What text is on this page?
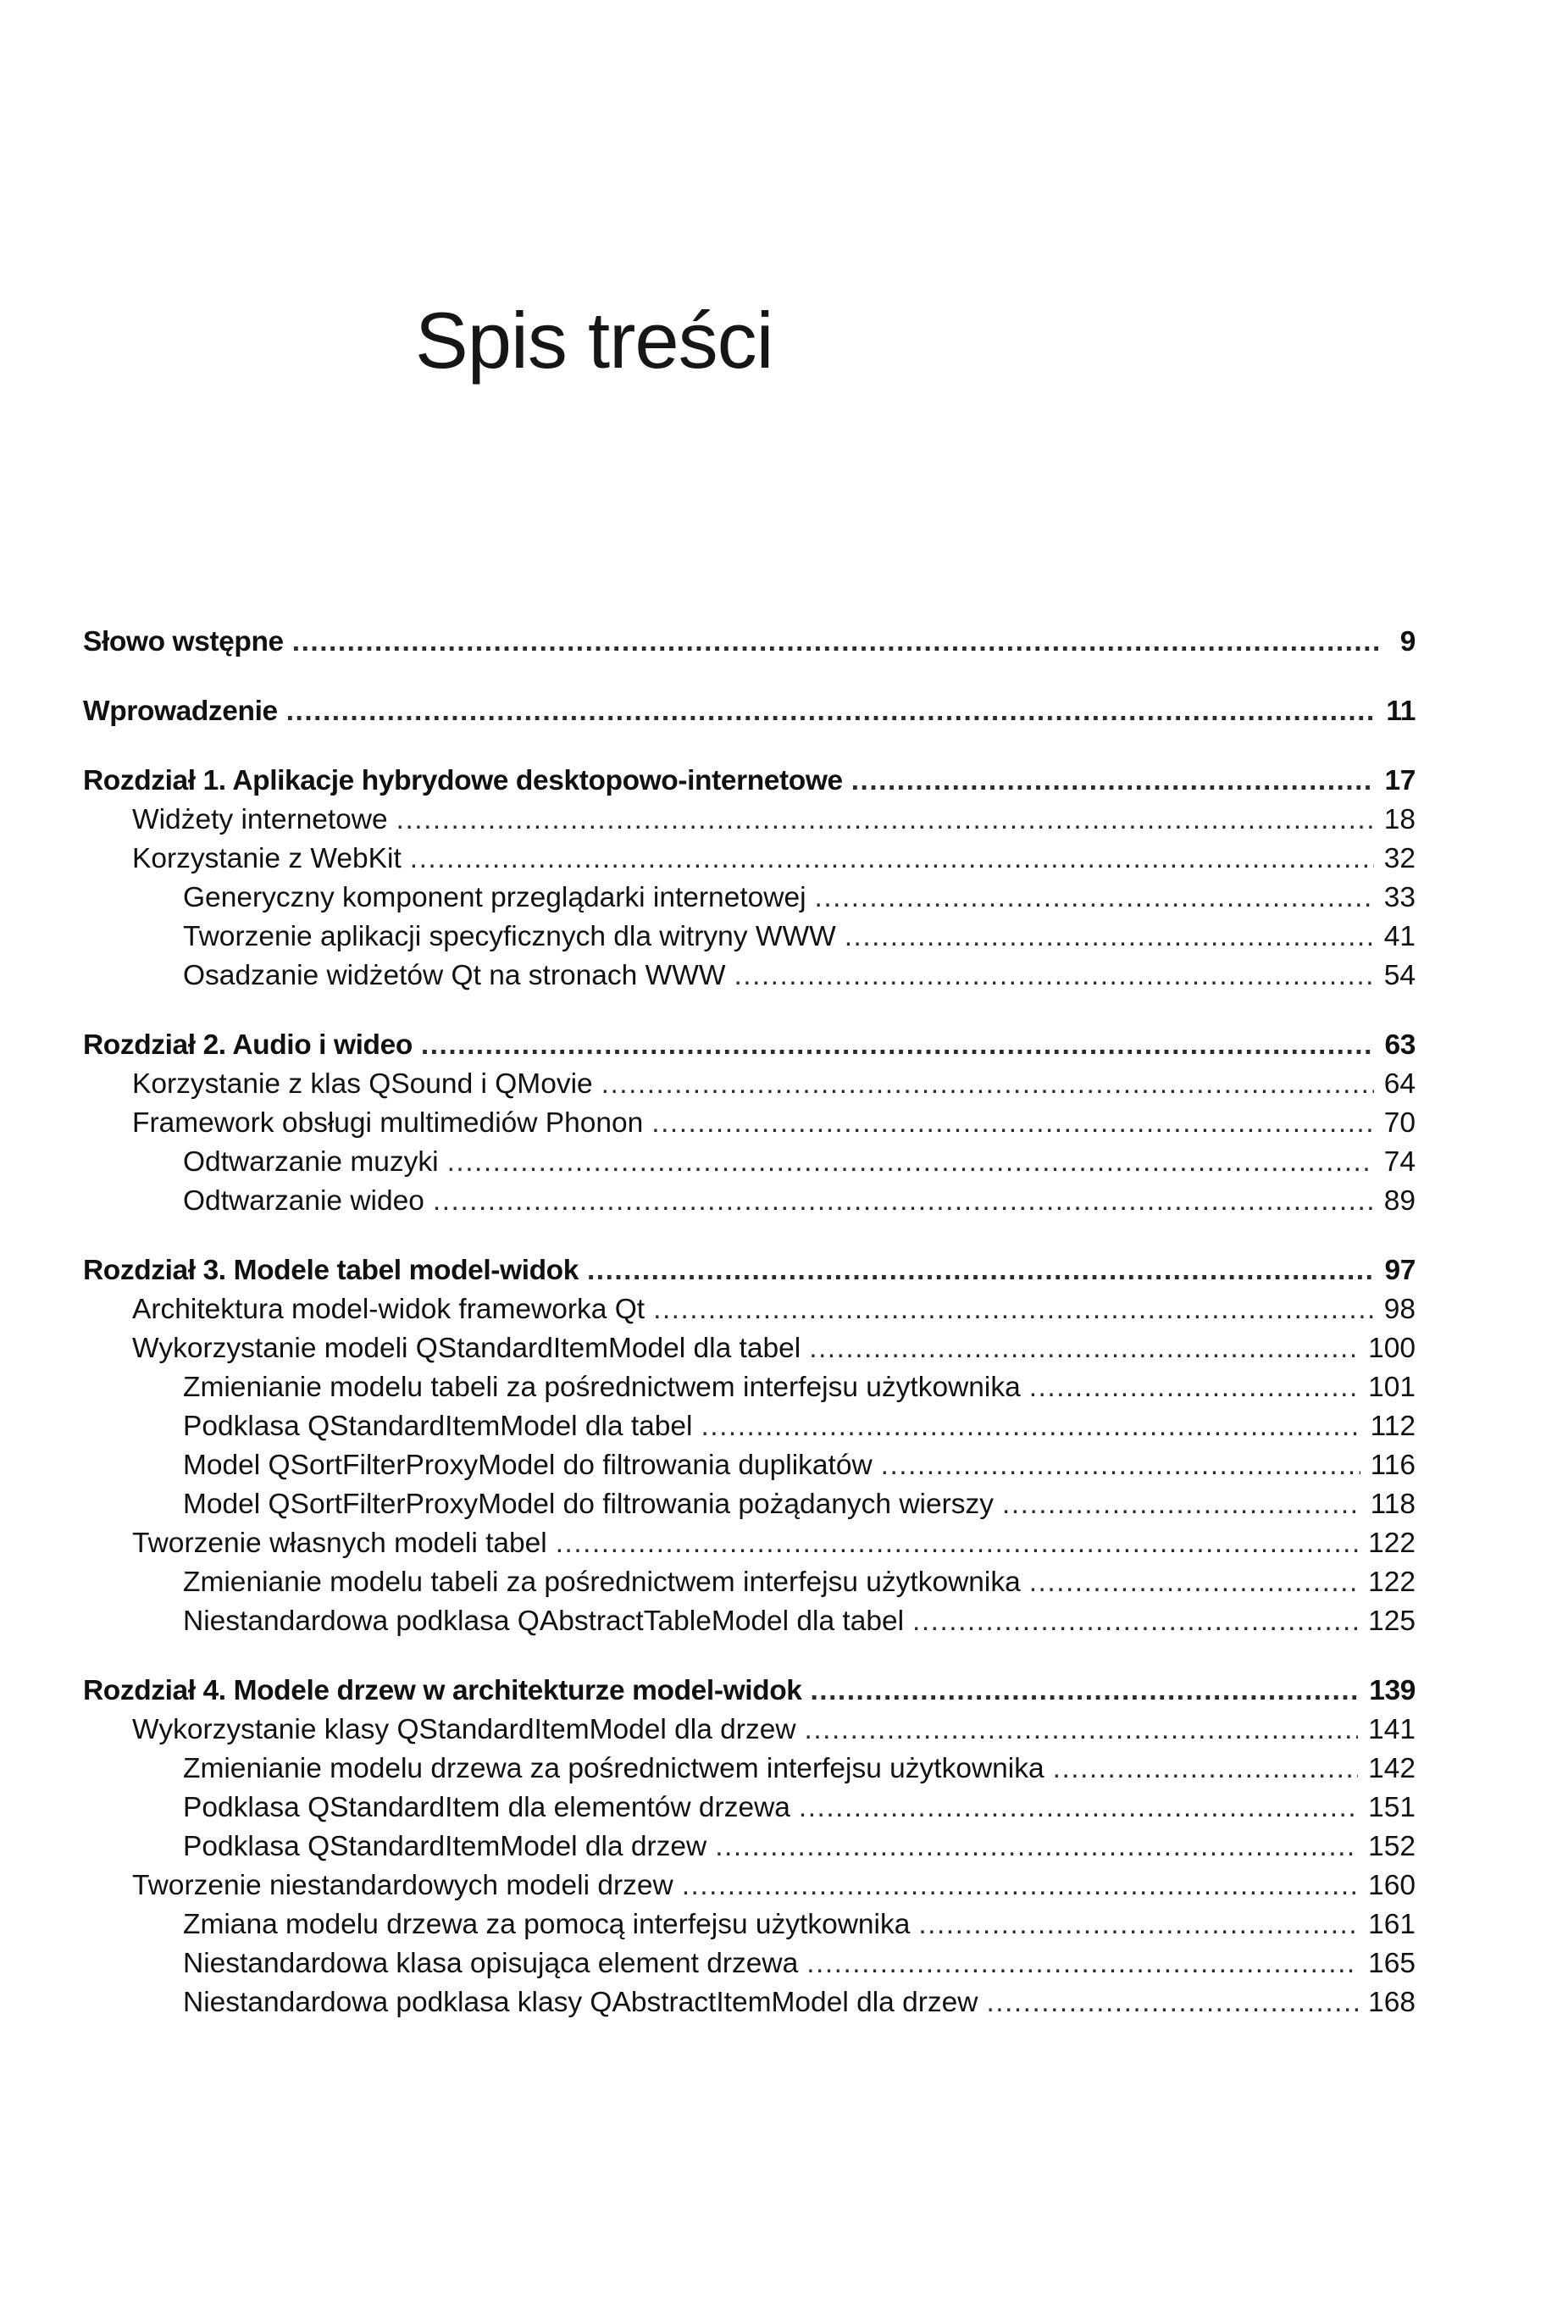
Spis treści
Słowo wstępne .....	9
Wprowadzenie .....	11
Rozdział 1. Aplikacje hybrydowe desktopowo-internetowe .....	17
Widżety internetowe .....	18
Korzystanie z WebKit .....	32
Generyczny komponent przeglądarki internetowej .....	33
Tworzenie aplikacji specyficznych dla witryny WWW .....	41
Osadzanie widżetów Qt na stronach WWW .....	54
Rozdział 2. Audio i wideo .....	63
Korzystanie z klas QSound i QMovie .....	64
Framework obsługi multimediów Phonon .....	70
Odtwarzanie muzyki .....	74
Odtwarzanie wideo .....	89
Rozdział 3. Modele tabel model-widok .....	97
Architektura model-widok frameworka Qt .....	98
Wykorzystanie modeli QStandardItemModel dla tabel .....	100
Zmienianie modelu tabeli za pośrednictwem interfejsu użytkownika .....	101
Podklasa QStandardItemModel dla tabel .....	112
Model QSortFilterProxyModel do filtrowania duplikatów .....	116
Model QSortFilterProxyModel do filtrowania pożądanych wierszy .....	118
Tworzenie własnych modeli tabel .....	122
Zmienianie modelu tabeli za pośrednictwem interfejsu użytkownika .....	122
Niestandardowa podklasa QAbstractTableModel dla tabel .....	125
Rozdział 4. Modele drzew w architekturze model-widok .....	139
Wykorzystanie klasy QStandardItemModel dla drzew .....	141
Zmienianie modelu drzewa za pośrednictwem interfejsu użytkownika .....	142
Podklasa QStandardItem dla elementów drzewa .....	151
Podklasa QStandardItemModel dla drzew .....	152
Tworzenie niestandardowych modeli drzew .....	160
Zmiana modelu drzewa za pomocą interfejsu użytkownika .....	161
Niestandardowa klasa opisująca element drzewa .....	165
Niestandardowa podklasa klasy QAbstractItemModel dla drzew .....	168
